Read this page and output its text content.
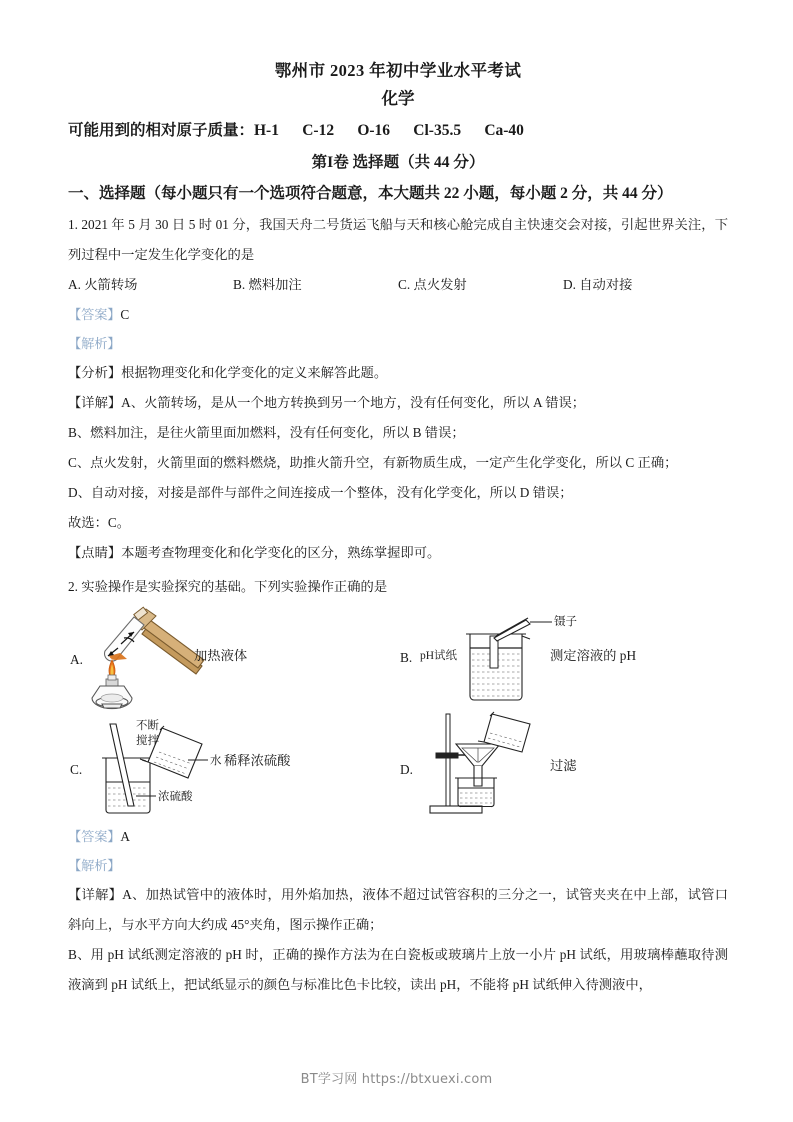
鄂州市 2023 年初中学业水平考试

化学

可能用到的相对原子质量：H-1      C-12      O-16      Cl-35.5      Ca-40

第I卷 选择题（共 44 分）

一、选择题（每小题只有一个选项符合题意，本大题共 22 小题，每小题 2 分，共 44 分）

1. 2021 年 5 月 30 日 5 时 01 分，我国天舟二号货运飞船与天和核心舱完成自主快速交会对接，引起世界关注，下列过程中一定发生化学变化的是

A. 火箭转场	B. 燃料加注	C. 点火发射	D. 自动对接

【答案】C

【解析】

【分析】根据物理变化和化学变化的定义来解答此题。

【详解】A、火箭转场，是从一个地方转换到另一个地方，没有任何变化，所以 A 错误；

B、燃料加注，是往火箭里面加燃料，没有任何变化，所以 B 错误；

C、点火发射，火箭里面的燃料燃烧，助推火箭升空，有新物质生成，一定产生化学变化，所以 C 正确；

D、自动对接，对接是部件与部件之间连接成一个整体，没有化学变化，所以 D 错误；

故选：C。

【点睛】本题考查物理变化和化学变化的区分，熟练掌握即可。

2. 实验操作是实验探究的基础。下列实验操作正确的是

A.	加热液体	B. pH试纸
镊子
测定溶液的 pH
C.
不断
搅拌
水 稀释浓硫酸
浓硫酸
D.	过滤

【答案】A

【解析】

【详解】A、加热试管中的液体时，用外焰加热，液体不超过试管容积的三分之一，试管夹夹在中上部，试管口斜向上，与水平方向大约成 45°夹角，图示操作正确；

B、用 pH 试纸测定溶液的 pH 时，正确的操作方法为在白瓷板或玻璃片上放一小片 pH 试纸，用玻璃棒蘸取待测液滴到 pH 试纸上，把试纸显示的颜色与标准比色卡比较，读出 pH，不能将 pH 试纸伸入待测液中，

BT学习网 https://btxuexi.com
